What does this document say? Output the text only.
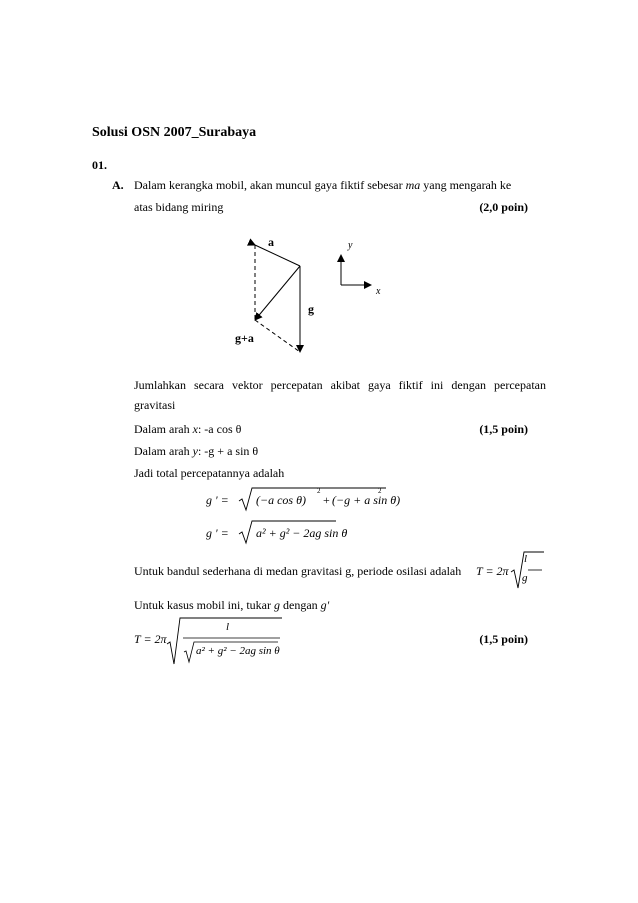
Solusi OSN 2007_Surabaya
01.
A. Dalam kerangka mobil, akan muncul gaya fiktif sebesar ma yang mengarah ke
atas bidang miring	(2,0 poin)
a
g
g+a
y
x
Jumlahkan secara vektor percepatan akibat gaya fiktif ini dengan percepatan
gravitasi
Dalam arah x: -a cos θ	(1,5 poin)
Dalam arah y: -g + a sin θ
Jadi total percepatannya adalah
g ' = (−a cos θ)
2
+ (−g + a sin θ)
2
g ' = a² + g² − 2ag sin θ
Untuk bandul sederhana di medan gravitasi g, periode osilasi adalah T = 2π
l
g
Untuk kasus mobil ini, tukar g dengan g'
T = 2π
l
a² + g² − 2ag sin θ
(1,5 poin)
